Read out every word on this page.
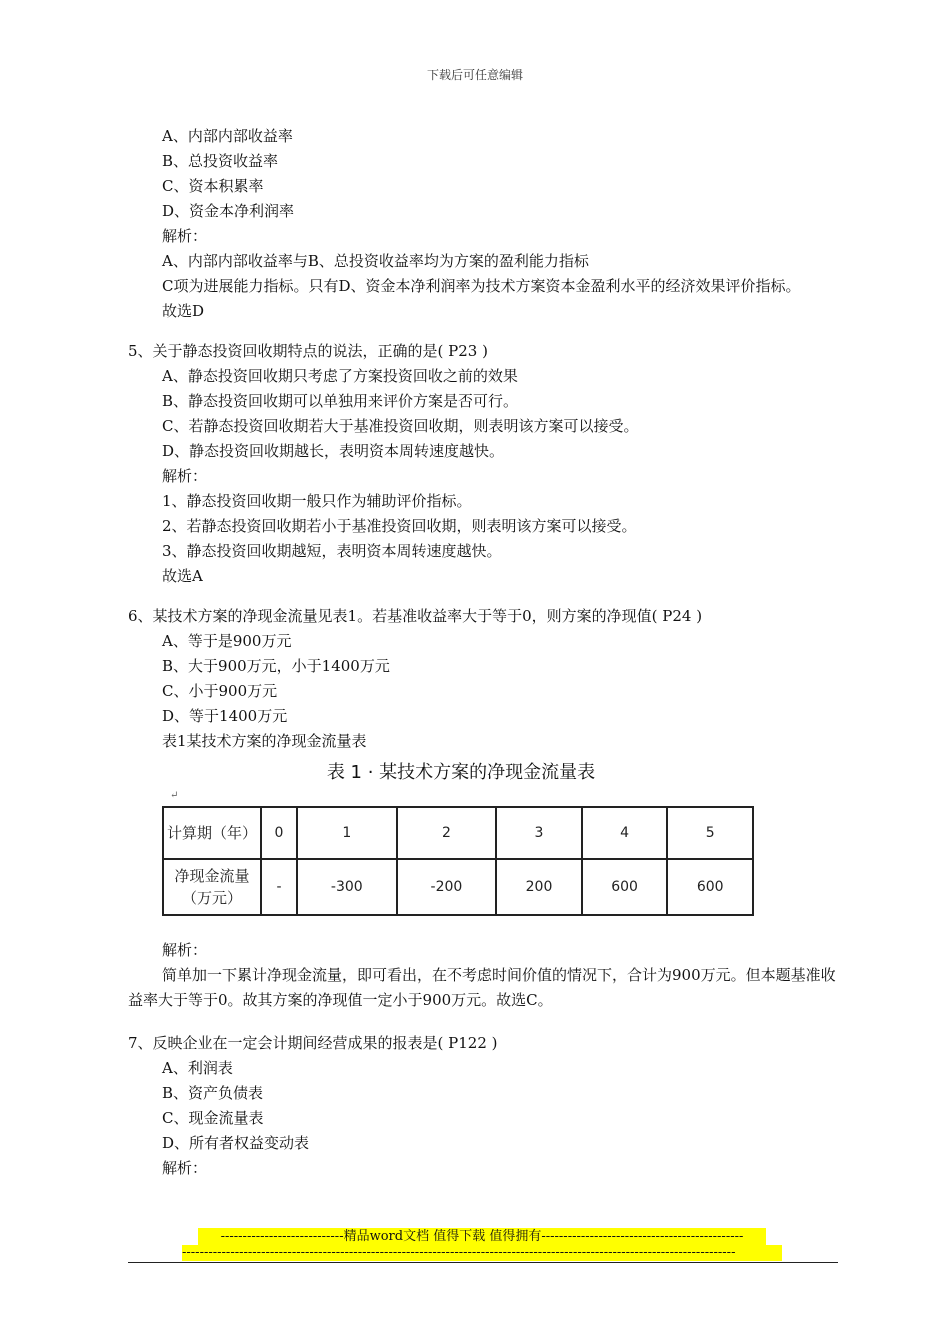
下载后可任意编辑
A、内部内部收益率
B、总投资收益率
C、资本积累率
D、资金本净利润率
解析：
A、内部内部收益率与B、总投资收益率均为方案的盈利能力指标
C项为进展能力指标。只有D、资金本净利润率为技术方案资本金盈利水平的经济效果评价指标。
故选D
5、关于静态投资回收期特点的说法，正确的是( P23 )
A、静态投资回收期只考虑了方案投资回收之前的效果
B、静态投资回收期可以单独用来评价方案是否可行。
C、若静态投资回收期若大于基准投资回收期，则表明该方案可以接受。
D、静态投资回收期越长，表明资本周转速度越快。
解析：
1、静态投资回收期一般只作为辅助评价指标。
2、若静态投资回收期若小于基准投资回收期，则表明该方案可以接受。
3、静态投资回收期越短，表明资本周转速度越快。
故选A
6、某技术方案的净现金流量见表1。若基准收益率大于等于0，则方案的净现值( P24 )
A、等于是900万元
B、大于900万元，小于1400万元
C、小于900万元
D、等于1400万元
表1某技术方案的净现金流量表
表 1 · 某技术方案的净现金流量表
↵
计算期（年）	0	1	2	3	4	5
净现金流量（万元）	-	-300	-200	200	600	600
解析：
简单加一下累计净现金流量，即可看出，在不考虑时间价值的情况下，合计为900万元。但本题基准收益率大于等于0。故其方案的净现值一定小于900万元。故选C。
7、反映企业在一定会计期间经营成果的报表是( P122 )
A、利润表
B、资产负债表
C、现金流量表
D、所有者权益变动表
解析：
----------------------------精品word文档 值得下载 值得拥有----------------------------------------------
------------------------------------------------------------------------------------------------------------------------------
